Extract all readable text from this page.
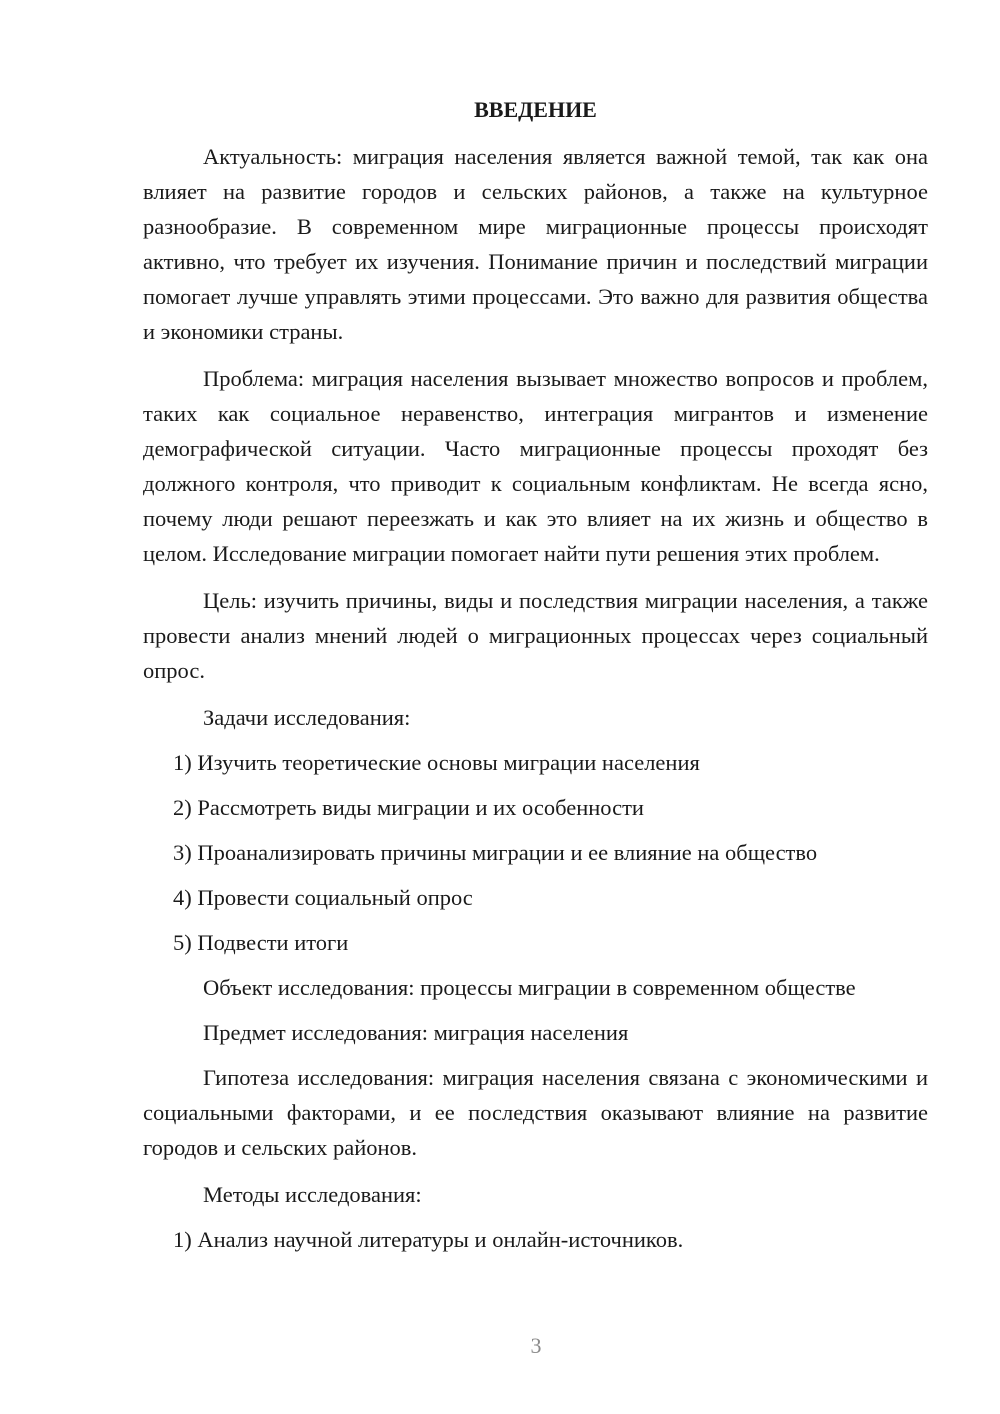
ВВЕДЕНИЕ

Актуальность: миграция населения является важной темой, так как она влияет на развитие городов и сельских районов, а также на культурное разнообразие. В современном мире миграционные процессы происходят активно, что требует их изучения. Понимание причин и последствий миграции помогает лучше управлять этими процессами. Это важно для развития общества и экономики страны.

Проблема: миграция населения вызывает множество вопросов и проблем, таких как социальное неравенство, интеграция мигрантов и изменение демографической ситуации. Часто миграционные процессы проходят без должного контроля, что приводит к социальным конфликтам. Не всегда ясно, почему люди решают переезжать и как это влияет на их жизнь и общество в целом. Исследование миграции помогает найти пути решения этих проблем.

Цель: изучить причины, виды и последствия миграции населения, а также провести анализ мнений людей о миграционных процессах через социальный опрос.

Задачи исследования:
1) Изучить теоретические основы миграции населения
2) Рассмотреть виды миграции и их особенности
3) Проанализировать причины миграции и ее влияние на общество
4) Провести социальный опрос
5) Подвести итоги
Объект исследования: процессы миграции в современном обществе
Предмет исследования: миграция населения

Гипотеза исследования: миграция населения связана с экономическими и социальными факторами, и ее последствия оказывают влияние на развитие городов и сельских районов.

Методы исследования:
1) Анализ научной литературы и онлайн-источников.
3
